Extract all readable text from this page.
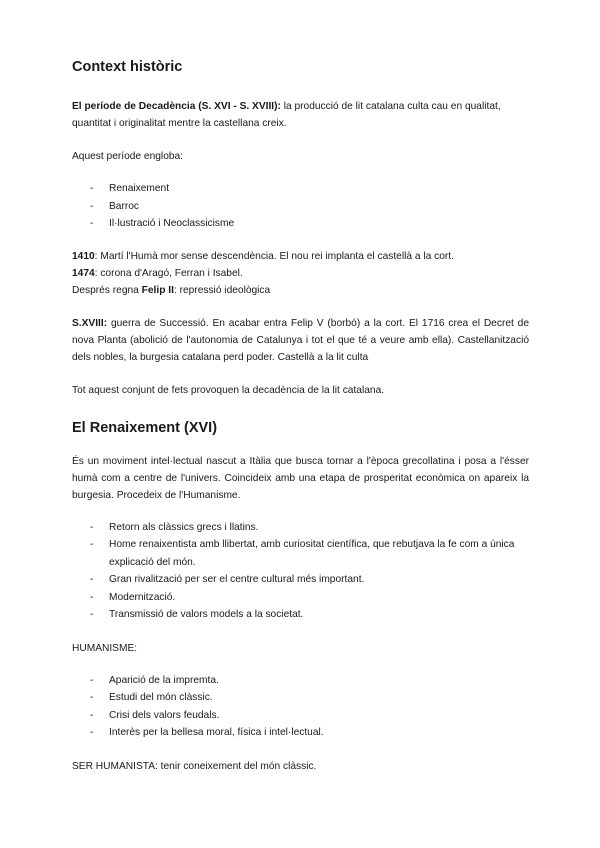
Context històric

El període de Decadència (S. XVI - S. XVIII): la producció de lit catalana culta cau en qualitat, quantitat i originalitat mentre la castellana creix.

Aquest període engloba:

- Renaixement
- Barroc
- Il·lustració i Neoclassicisme

1410: Martí l'Humà mor sense descendència. El nou rei implanta el castellà a la cort.

1474: corona d'Aragó, Ferran i Isabel.

Després regna Felip II: repressió ideològica

S.XVIII: guerra de Successió. En acabar entra Felip V (borbó) a la cort. El 1716 crea el Decret de nova Planta (abolició de l'autonomia de Catalunya i tot el que té a veure amb ella). Castellanització dels nobles, la burgesia catalana perd poder. Castellà a la lit culta

Tot aquest conjunt de fets provoquen la decadència de la lit catalana.

El Renaixement (XVI)

És un moviment intel·lectual nascut a Itàlia que busca tornar a l'època grecollatina i posa a l'ésser humà com a centre de l'univers. Coincideix amb una etapa de prosperitat econòmica on apareix la burgesia. Procedeix de l'Humanisme.

- Retorn als clàssics grecs i llatins.
- Home renaixentista amb llibertat, amb curiositat científica, que rebutjava la fe com a única explicació del món.
- Gran rivalització per ser el centre cultural més important.
- Modernització.
- Transmissió de valors models a la societat.

HUMANISME:

- Aparició de la impremta.
- Estudi del món clàssic.
- Crisi dels valors feudals.
- Interès per la bellesa moral, física i intel·lectual.

SER HUMANISTA: tenir coneixement del món clàssic.
